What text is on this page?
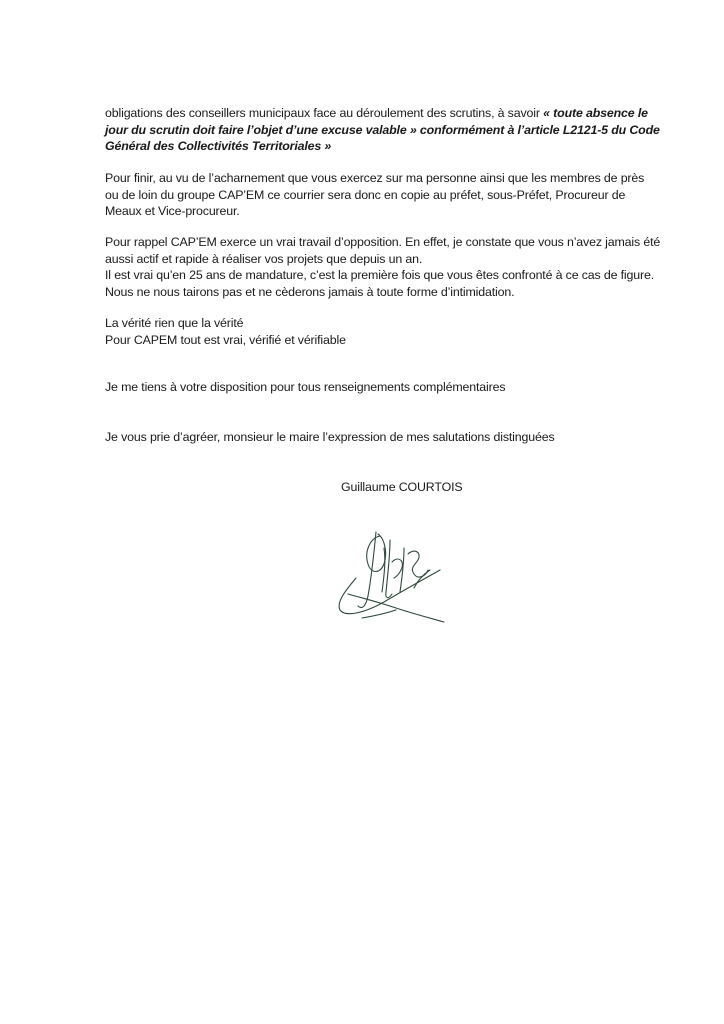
obligations des conseillers municipaux face au déroulement des scrutins, à savoir « toute absence le
jour du scrutin doit faire l’objet d’une excuse valable » conformément à l’article L2121-5 du Code
Général des Collectivités Territoriales »

Pour finir, au vu de l’acharnement que vous exercez sur ma personne ainsi que les membres de près
ou de loin du groupe CAP’EM ce courrier sera donc en copie au préfet, sous-Préfet, Procureur de
Meaux et Vice-procureur.

Pour rappel CAP’EM exerce un vrai travail d’opposition. En effet, je constate que vous n’avez jamais été
aussi actif et rapide à réaliser vos projets que depuis un an.
Il est vrai qu’en 25 ans de mandature, c’est la première fois que vous êtes confronté à ce cas de figure.
Nous ne nous tairons pas et ne cèderons jamais à toute forme d’intimidation.

La vérité rien que la vérité
Pour CAPEM tout est vrai, vérifié et vérifiable

Je me tiens à votre disposition pour tous renseignements complémentaires

Je vous prie d’agréer, monsieur le maire l’expression de mes salutations distinguées

Guillaume COURTOIS
